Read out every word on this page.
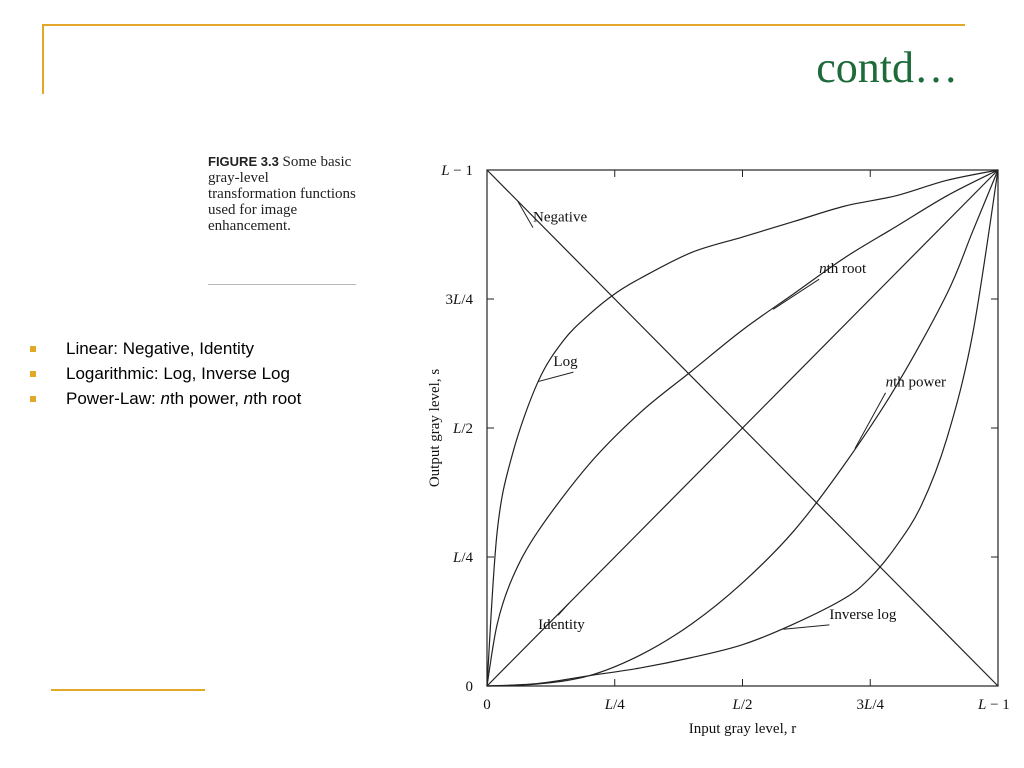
contd…
FIGURE 3.3 Some basic gray-level transformation functions used for image enhancement.
Linear: Negative, Identity
Logarithmic: Log, Inverse Log
Power-Law: nth power, nth root
0	L/4	L/2	3L/4	L − 1
0
L/4
L/2
3L/4
L − 1
Negative
Log
nth root
nth power
Identity
Inverse log
Input gray level, r
Output gray level, s
